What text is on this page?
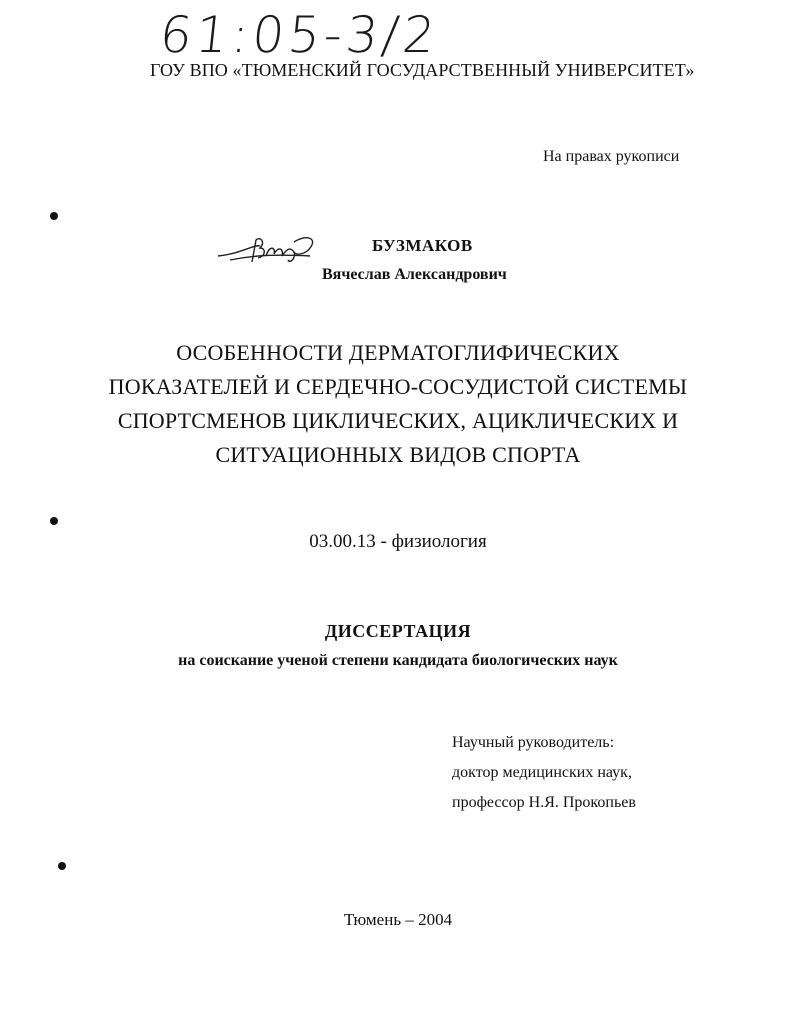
61:05-3/2
ГОУ ВПО «ТЮМЕНСКИЙ ГОСУДАРСТВЕННЫЙ УНИВЕРСИТЕТ»
На правах рукописи
БУЗМАКОВ
Вячеслав Александрович
ОСОБЕННОСТИ ДЕРМАТОГЛИФИЧЕСКИХ
ПОКАЗАТЕЛЕЙ И СЕРДЕЧНО-СОСУДИСТОЙ СИСТЕМЫ
СПОРТСМЕНОВ ЦИКЛИЧЕСКИХ, АЦИКЛИЧЕСКИХ И
СИТУАЦИОННЫХ ВИДОВ СПОРТА
03.00.13 - физиология
ДИССЕРТАЦИЯ
на соискание ученой степени кандидата биологических наук
Научный руководитель:
доктор медицинских наук,
профессор Н.Я. Прокопьев
Тюмень – 2004
